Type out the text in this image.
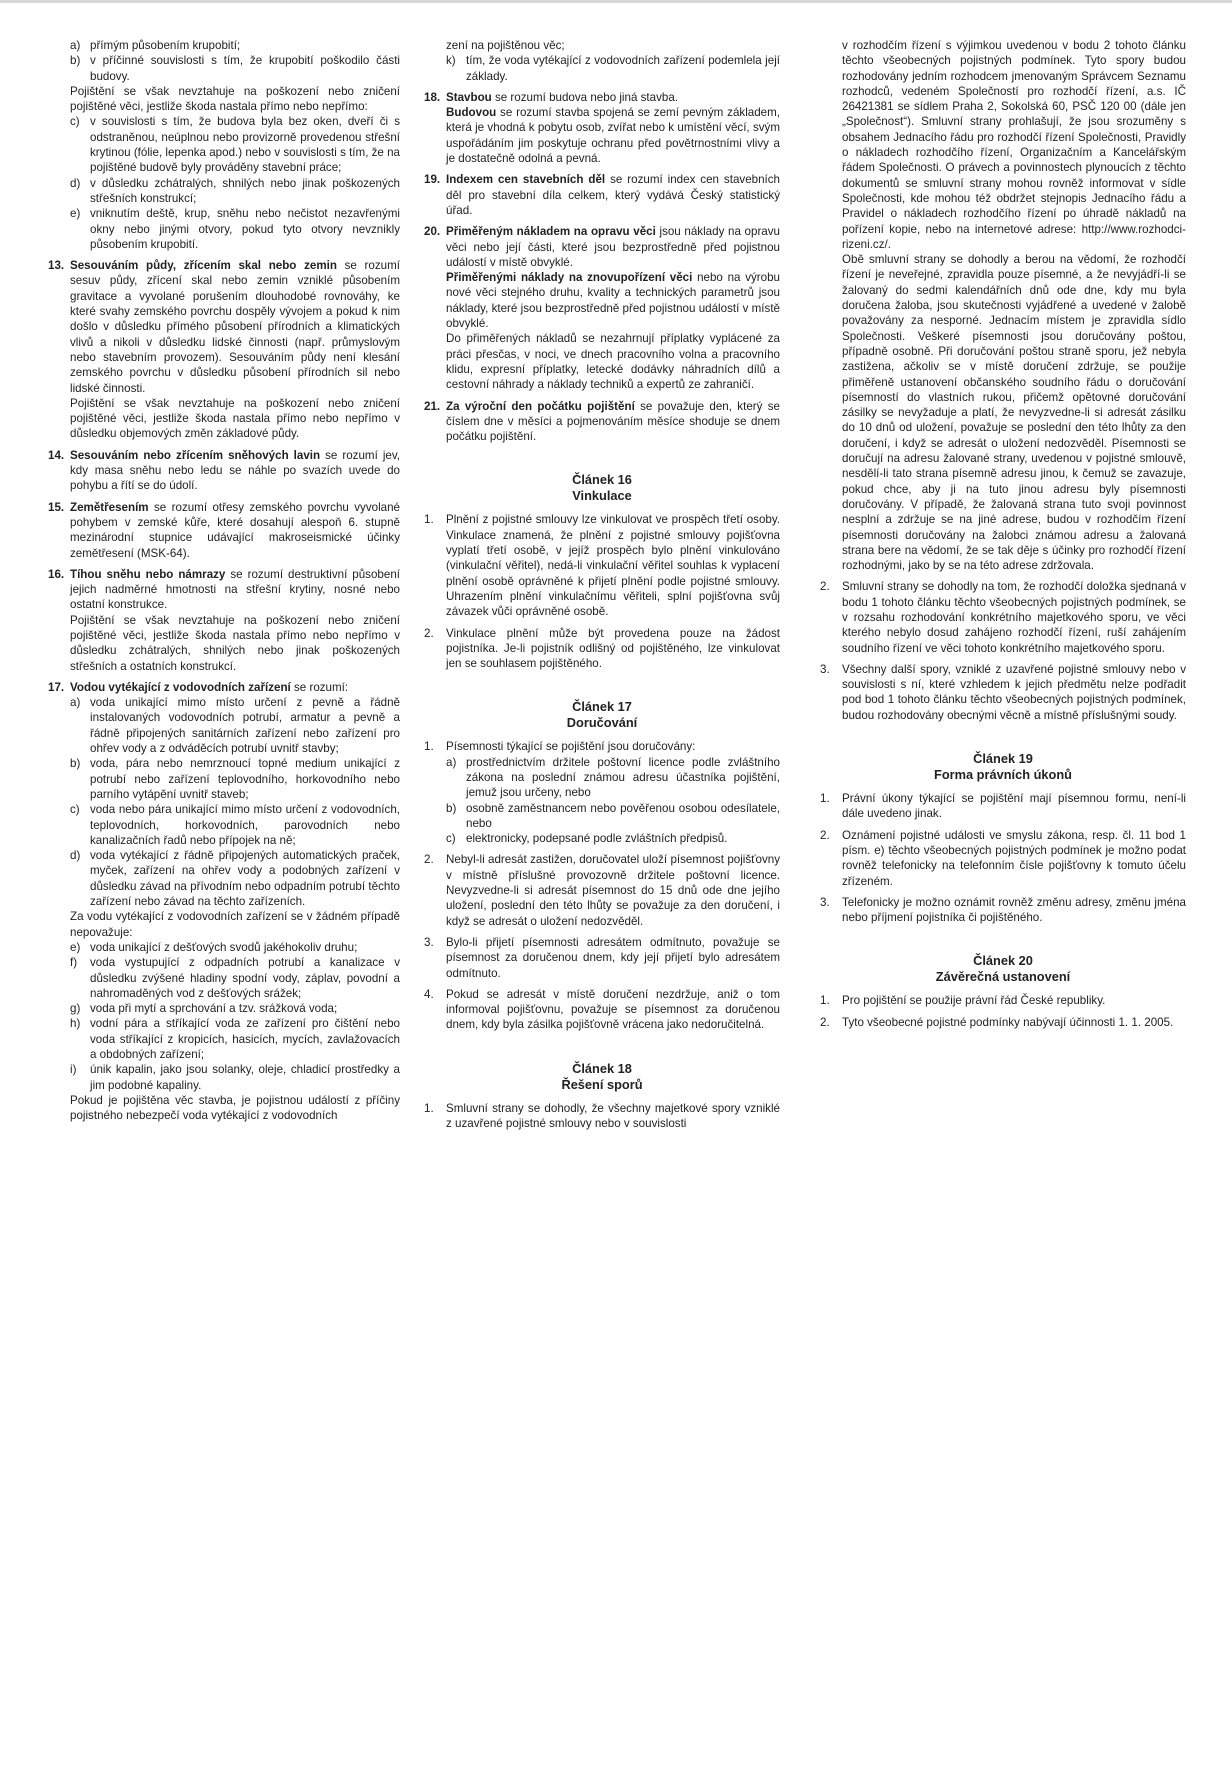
a) přímým působením krupobití;
b) v příčinné souvislosti s tím, že krupobití poškodilo části budovy.
Pojištění se však nevztahuje na poškození nebo zničení pojištěné věci, jestliže škoda nastala přímo nebo nepřímo:
c) v souvislosti s tím, že budova byla bez oken, dveří či s odstraněnou, neúplnou nebo provizorně provedenou střešní krytinou (fólie, lepenka apod.) nebo v souvislosti s tím, že na pojištěné budově byly prováděny stavební práce;
d) v důsledku zchátralých, shnilých nebo jinak poškozených střešních konstrukcí;
e) vniknutím deště, krup, sněhu nebo nečistot nezavřenými okny nebo jinými otvory, pokud tyto otvory nevznikly působením krupobití.
13. Sesouváním půdy, zřícením skal nebo zemin se rozumí sesuv půdy, zřícení skal nebo zemin vzniklé působením gravitace a vyvolané porušením dlouhodobé rovnováhy, ke které svahy zemského povrchu dospěly vývojem a pokud k nim došlo v důsledku přímého působení přírodních a klimatických vlivů a nikoli v důsledku lidské činnosti (např. průmyslovým nebo stavebním provozem). Sesouváním půdy není klesání zemského povrchu v důsledku působení přírodních sil nebo lidské činnosti.
Pojištění se však nevztahuje na poškození nebo zničení pojištěné věci, jestliže škoda nastala přímo nebo nepřímo v důsledku objemových změn základové půdy.
14. Sesouváním nebo zřícením sněhových lavin se rozumí jev, kdy masa sněhu nebo ledu se náhle po svazích uvede do pohybu a řítí se do údolí.
15. Zemětřesením se rozumí otřesy zemského povrchu vyvolané pohybem v zemské kůře, které dosahují alespoň 6. stupně mezinárodní stupnice udávající makroseismické účinky zemětřesení (MSK-64).
16. Tíhou sněhu nebo námrazy se rozumí destruktivní působení jejich nadměrné hmotnosti na střešní krytiny, nosné nebo ostatní konstrukce.
Pojištění se však nevztahuje na poškození nebo zničení pojištěné věci, jestliže škoda nastala přímo nebo nepřímo v důsledku zchátralých, shnilých nebo jinak poškozených střešních a ostatních konstrukcí.
17. Vodou vytékající z vodovodních zařízení se rozumí:
a) voda unikající mimo místo určení z pevně a řádně instalovaných vodovodních potrubí, armatur a pevně a řádně připojených sanitárních zařízení nebo zařízení pro ohřev vody a z odváděcích potrubí uvnitř stavby;
b) voda, pára nebo nemrznoucí topné medium unikající z potrubí nebo zařízení teplovodního, horkovodního nebo parního vytápění uvnitř staveb;
c) voda nebo pára unikající mimo místo určení z vodovodních, teplovodních, horkovodních, parovodních nebo kanalizačních řadů nebo přípojek na ně;
d) voda vytékající z řádně připojených automatických praček, myček, zařízení na ohřev vody a podobných zařízení v důsledku závad na přívodním nebo odpadním potrubí těchto zařízení nebo závad na těchto zařízeních.
Za vodu vytékající z vodovodních zařízení se v žádném případě nepovažuje:
e) voda unikající z dešťových svodů jakéhokoliv druhu;
f) voda vystupující z odpadních potrubí a kanalizace v důsledku zvýšené hladiny spodní vody, záplav, povodní a nahromaděných vod z dešťových srážek;
g) voda při mytí a sprchování a tzv. srážková voda;
h) vodní pára a stříkající voda ze zařízení pro čištění nebo voda stříkající z kropicích, hasicích, mycích, zavlažovacích a obdobných zařízení;
i) únik kapalin, jako jsou solanky, oleje, chladicí prostředky a jim podobné kapaliny.
Pokud je pojištěna věc stavba, je pojistnou událostí z příčiny pojistného nebezpečí voda vytékající z vodovodních
zení na pojištěnou věc;
k) tím, že voda vytékající z vodovodních zařízení podemlela její základy.
18. Stavbou se rozumí budova nebo jiná stavba.
Budovou se rozumí stavba spojená se zemí pevným základem, která je vhodná k pobytu osob, zvířat nebo k umístění věcí, svým uspořádáním jim poskytuje ochranu před povětrnostními vlivy a je dostatečně odolná a pevná.
19. Indexem cen stavebních děl se rozumí index cen stavebních děl pro stavební díla celkem, který vydává Český statistický úřad.
20. Přiměřeným nákladem na opravu věci jsou náklady na opravu věci nebo její části, které jsou bezprostředně před pojistnou událostí v místě obvyklé.
Přiměřenými náklady na znovupořízení věci nebo na výrobu nové věci stejného druhu, kvality a technických parametrů jsou náklady, které jsou bezprostředně před pojistnou událostí v místě obvyklé.
Do přiměřených nákladů se nezahrnují příplatky vyplácené za práci přesčas, v noci, ve dnech pracovního volna a pracovního klidu, expresní příplatky, letecké dodávky náhradních dílů a cestovní náhrady a náklady techniků a expertů ze zahraničí.
21. Za výroční den počátku pojištění se považuje den, který se číslem dne v měsíci a pojmenováním měsíce shoduje se dnem počátku pojištění.
Článek 16
Vinkulace
1. Plnění z pojistné smlouvy lze vinkulovat ve prospěch třetí osoby. Vinkulace znamená, že plnění z pojistné smlouvy pojišťovna vyplatí třetí osobě, v jejíž prospěch bylo plnění vinkulováno (vinkulační věřitel), nedá-li vinkulační věřitel souhlas k vyplacení plnění osobě oprávněné k přijetí plnění podle pojistné smlouvy. Uhrazením plnění vinkulačnímu věřiteli, splní pojišťovna svůj závazek vůči oprávněné osobě.
2. Vinkulace plnění může být provedena pouze na žádost pojistníka. Je-li pojistník odlišný od pojištěného, lze vinkulovat jen se souhlasem pojištěného.
Článek 17
Doručování
1. Písemnosti týkající se pojištění jsou doručovány:
a) prostřednictvím držitele poštovní licence podle zvláštního zákona na poslední známou adresu účastníka pojištění, jemuž jsou určeny, nebo
b) osobně zaměstnancem nebo pověřenou osobou odesílatele, nebo
c) elektronicky, podepsané podle zvláštních předpisů.
2. Nebyl-li adresát zastižen, doručovatel uloží písemnost pojišťovny v místně příslušné provozovně držitele poštovní licence. Nevyzvedne-li si adresát písemnost do 15 dnů ode dne jejího uložení, poslední den této lhůty se považuje za den doručení, i když se adresát o uložení nedozvěděl.
3. Bylo-li přijetí písemnosti adresátem odmítnuto, považuje se písemnost za doručenou dnem, kdy její přijetí bylo adresátem odmítnuto.
4. Pokud se adresát v místě doručení nezdržuje, aniž o tom informoval pojišťovnu, považuje se písemnost za doručenou dnem, kdy byla zásilka pojišťovně vrácena jako nedoručitelná.
Článek 18
Řešení sporů
1. Smluvní strany se dohodly, že všechny majetkové spory vzniklé z uzavřené pojistné smlouvy nebo v souvislosti
v rozhodčím řízení s výjimkou uvedenou v bodu 2 tohoto článku těchto všeobecných pojistných podmínek. Tyto spory budou rozhodovány jedním rozhodcem jmenovaným Správcem Seznamu rozhodců, vedeném Společností pro rozhodčí řízení, a.s. IČ 26421381 se sídlem Praha 2, Sokolská 60, PSČ 120 00 (dále jen „Společnost“). Smluvní strany prohlašují, že jsou srozuměny s obsahem Jednacího řádu pro rozhodčí řízení Společnosti, Pravidly o nákladech rozhodčího řízení, Organizačním a Kancelářským řádem Společnosti. O právech a povinnostech plynoucích z těchto dokumentů se smluvní strany mohou rovněž informovat v sídle Společnosti, kde mohou též obdržet stejnopis Jednacího řádu a Pravidel o nákladech rozhodčího řízení po úhradě nákladů na pořízení kopie, nebo na internetové adrese: http://www.rozhodci-rizeni.cz/.
Obě smluvní strany se dohodly a berou na vědomí, že rozhodčí řízení je neveřejné, zpravidla pouze písemné, a že nevyjádří-li se žalovaný do sedmi kalendářních dnů ode dne, kdy mu byla doručena žaloba, jsou skutečnosti vyjádřené a uvedené v žalobě považovány za nesporné. Jednacím místem je zpravidla sídlo Společnosti. Veškeré písemnosti jsou doručovány poštou, případně osobně. Při doručování poštou straně sporu, jež nebyla zastižena, ačkoliv se v místě doručení zdržuje, se použije přiměřeně ustanovení občanského soudního řádu o doručování písemností do vlastních rukou, přičemž opětovné doručování zásilky se nevyžaduje a platí, že nevyzvedne-li si adresát zásilku do 10 dnů od uložení, považuje se poslední den této lhůty za den doručení, i když se adresát o uložení nedozvěděl. Písemnosti se doručují na adresu žalované strany, uvedenou v pojistné smlouvě, nesdělí-li tato strana písemně adresu jinou, k čemuž se zavazuje, pokud chce, aby ji na tuto jinou adresu byly písemnosti doručovány. V případě, že žalovaná strana tuto svoji povinnost nesplní a zdržuje se na jiné adrese, budou v rozhodčím řízení písemnosti doručovány na žalobci známou adresu a žalovaná strana bere na vědomí, že se tak děje s účinky pro rozhodčí řízení rozhodnými, jako by se na této adrese zdržovala.
2. Smluvní strany se dohodly na tom, že rozhodčí doložka sjednaná v bodu 1 tohoto článku těchto všeobecných pojistných podmínek, se v rozsahu rozhodování konkrétního majetkového sporu, ve věci kterého nebylo dosud zahájeno rozhodčí řízení, ruší zahájením soudního řízení ve věci tohoto konkrétního majetkového sporu.
3. Všechny další spory, vzniklé z uzavřené pojistné smlouvy nebo v souvislosti s ní, které vzhledem k jejich předmětu nelze podřadit pod bod 1 tohoto článku těchto všeobecných pojistných podmínek, budou rozhodovány obecnými věcně a místně příslušnými soudy.
Článek 19
Forma právních úkonů
1. Právní úkony týkající se pojištění mají písemnou formu, není-li dále uvedeno jinak.
2. Oznámení pojistné události ve smyslu zákona, resp. čl. 11 bod 1 písm. e) těchto všeobecných pojistných podmínek je možno podat rovněž telefonicky na telefonním čísle pojišťovny k tomuto účelu zřízeném.
3. Telefonicky je možno oznámit rovněž změnu adresy, změnu jména nebo příjmení pojistníka či pojištěného.
Článek 20
Závěrečná ustanovení
1. Pro pojištění se použije právní řád České republiky.
2. Tyto všeobecné pojistné podmínky nabývají účinnosti 1. 1. 2005.
